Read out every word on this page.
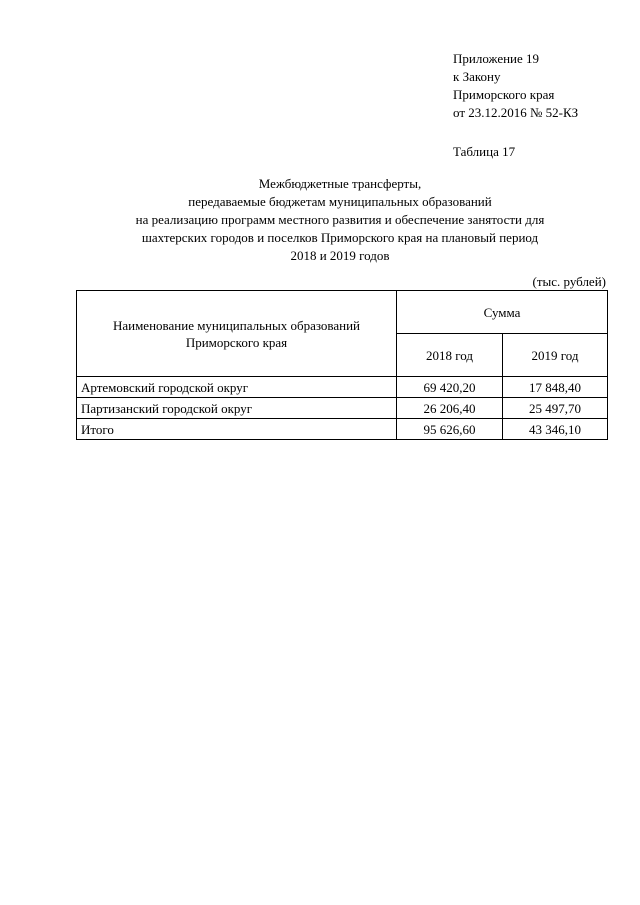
Приложение 19
к Закону
Приморского края
от 23.12.2016 № 52-КЗ
Таблица 17
Межбюджетные трансферты,
передаваемые бюджетам муниципальных образований
на реализацию программ местного развития и обеспечение занятости для
шахтерских городов и поселков Приморского края на плановый период
2018 и 2019 годов
(тыс. рублей)
Наименование муниципальных образований Приморского края	Сумма	
	2018 год	2019 год
Артемовский городской округ	69 420,20	17 848,40
Партизанский городской округ	26 206,40	25 497,70
Итого	95 626,60	43 346,10
